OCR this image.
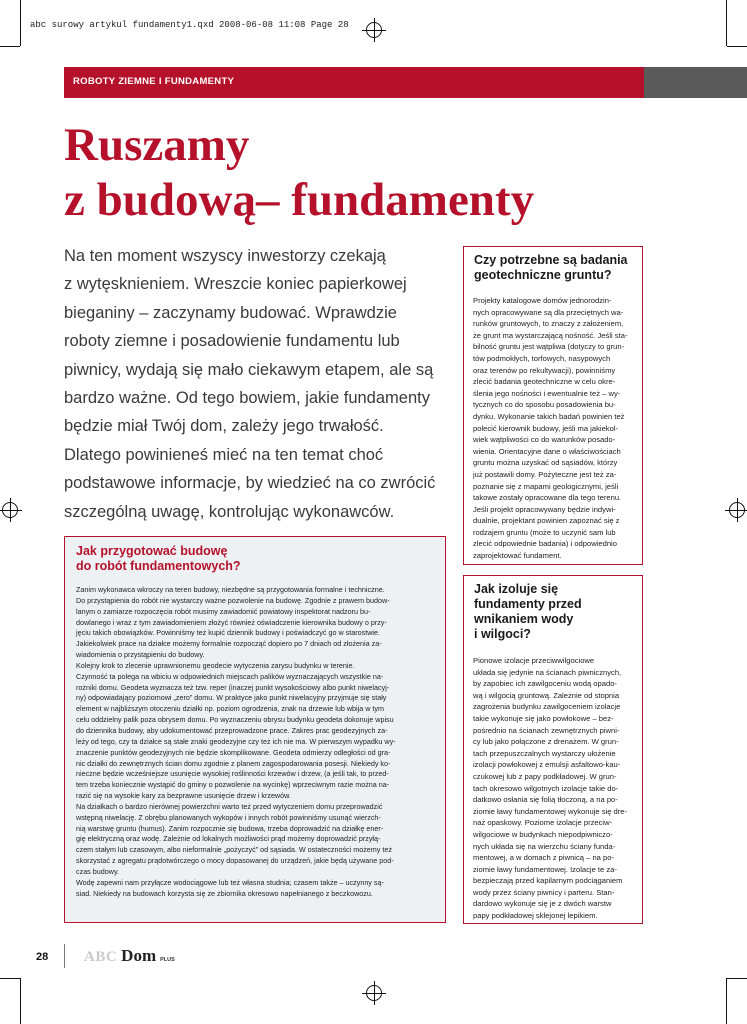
abc surowy artykul fundamenty1.qxd 2008-06-08 11:08 Page 28
ROBOTY ZIEMNE I FUNDAMENTY
Ruszamy
z budową– fundamenty
Na ten moment wszyscy inwestorzy czekają
z wytęsknieniem. Wreszcie koniec papierkowej
bieganiny – zaczynamy budować. Wprawdzie
roboty ziemne i posadowienie fundamentu lub
piwnicy, wydają się mało ciekawym etapem, ale są
bardzo ważne. Od tego bowiem, jakie fundamenty
będzie miał Twój dom, zależy jego trwałość.
Dlatego powinieneś mieć na ten temat choć
podstawowe informacje, by wiedzieć na co zwrócić
szczególną uwagę, kontrolując wykonawców.
Jak przygotować budowę
do robót fundamentowych?
Zanim wykonawca wkroczy na teren budowy, niezbędne są przygotowania formalne i techniczne.
Do przystąpienia do robót nie wystarczy ważne pozwolenie na budowę. Zgodnie z prawem budow-
lanym o zamiarze rozpoczęcia robót musimy zawiadomić powiatowy inspektorat nadzoru bu-
dowlanego i wraz z tym zawiadomieniem złożyć również oświadczenie kierownika budowy o przy-
jęciu takich obowiązków. Powinniśmy też kupić dziennik budowy i poświadczyć go w starostwie.
Jakiekolwiek prace na działce możemy formalnie rozpocząć dopiero po 7 dniach od złożenia za-
wiadomienia o przystąpieniu do budowy.
Kolejny krok to zlecenie uprawnionemu geodecie wytyczenia zarysu budynku w terenie.
Czynność ta polega na wbiciu w odpowiednich miejscach palików wyznaczających wszystkie na-
rożniki domu. Geodeta wyznacza też tzw. reper (inaczej punkt wysokościowy albo punkt niwelacyj-
ny) odpowiadający poziomowi „zero” domu. W praktyce jako punkt niwelacyjny przyjmuje się stały
element w najbliższym otoczeniu działki np. poziom ogrodzenia, znak na drzewie lub wbija w tym
celu oddzielny palik poza obrysem domu. Po wyznaczeniu obrysu budynku geodeta dokonuje wpisu
do dziennika budowy, aby udokumentować przeprowadzone prace. Zakres prac geodezyjnych za-
leży od tego, czy ta działce są stałe znaki geodezyjne czy też ich nie ma. W pierwszym wypadku wy-
znaczenie punktów geodezyjnych nie będzie skomplikowane. Geodeta odmierzy odległości od gra-
nic działki do zewnętrznych ścian domu zgodnie z planem zagospodarowania posesji. Niekiedy ko-
nieczne będzie wcześniejsze usunięcie wysokiej roślinności krzewów i drzew, (a jeśli tak, to przed-
tem trzeba koniecznie wystąpić do gminy o pozwolenie na wycinkę) wprzeciwnym razie można na-
razić się na wysokie kary za bezprawne usunięcie drzew i krzewów.
Na działkach o bardzo nierównej powierzchni warto też przed wytyczeniem domu przeprowadzić
wstępną niwelację. Z obrębu planowanych wykopów i innych robót powinniśmy usunąć wierzch-
nią warstwę gruntu (humus). Zanim rozpocznie się budowa, trzeba doprowadzić na działkę ener-
gię elektryczną oraz wodę. Zależnie od lokalnych możliwości prąd możemy doprowadzić przyłą-
czem stałym lub czasowym, albo nieformalnie „pożyczyć” od sąsiada. W ostateczności możemy też
skorzystać z agregatu prądotwórczego o mocy dopasowanej do urządzeń, jakie będą używane pod-
czas budowy.
Wodę zapewni nam przyłącze wodociągowe lub też własna studnia; czasem także – uczynny są-
siad. Niekiedy na budowach korzysta się ze zbiornika okresowo napełnianego z beczkowozu.
Czy potrzebne są badania
geotechniczne gruntu?
Projekty katalogowe domów jednorodzin-
nych opracowywane są dla przeciętnych wa-
runków gruntowych, to znaczy z założeniem,
że grunt ma wystarczającą nośność. Jeśli sta-
bilność gruntu jest wątpliwa (dotyczy to grun-
tów podmokłych, torfowych, nasypowych
oraz terenów po rekultywacji), powinniśmy
zlecić badania geotechniczne w celu okre-
ślenia jego nośności i ewentualnie też – wy-
tycznych co do sposobu posadowienia bu-
dynku. Wykonanie takich badań powinien też
polecić kierownik budowy, jeśli ma jakiekol-
wiek wątpliwości co do warunków posado-
wienia. Orientacyjne dane o właściwościach
gruntu można uzyskać od sąsiadów, którzy
już postawili domy. Pożyteczne jest też za-
poznanie się z mapami geologicznymi, jeśli
takowe zostały opracowane dla tego terenu.
Jeśli projekt opracowywany będzie indywi-
dualnie, projektant powinien zapoznać się z
rodzajem gruntu (może to uczynić sam lub
zlecić odpowiednie badania) i odpowiednio
zaprojektować fundament.
Jak izoluje się
fundamenty przed
wnikaniem wody
i wilgoci?
Pionowe izolacje przeciwwilgociowe
układa się jedynie na ścianach piwnicznych,
by zapobiec ich zawilgoceniu wodą opado-
wą i wilgocią gruntową. Zależnie od stopnia
zagrożenia budynku zawilgoceniem izolacje
takie wykonuje się jako powłokowe – bez-
pośrednio na ścianach zewnętrznych piwni-
cy lub jako połączone z drenażem. W grun-
tach przepuszczalnych wystarczy ułożenie
izolacji powłokowej z emulsji asfaltowo-kau-
czukowej lub z papy podkładowej. W grun-
tach okresowo wilgotnych izolacje takie do-
datkowo osłania się folią tłoczoną, a na po-
ziomie ławy fundamentowej wykonuje się dre-
naż opaskowy. Poziome izolacje przeciw-
wilgociowe w budynkach niepodpiwniczo-
nych układa się na wierzchu ściany funda-
mentowej, a w domach z piwnicą – na po-
ziomie ławy fundamentowej. Izolacje te za-
bezpieczają przed kapilarnym podciąganiem
wody przez ściany piwnicy i parteru. Stan-
dardowo wykonuje się je z dwóch warstw
papy podkładowej sklejonej lepikiem.
28 ABC Dom PLUS
